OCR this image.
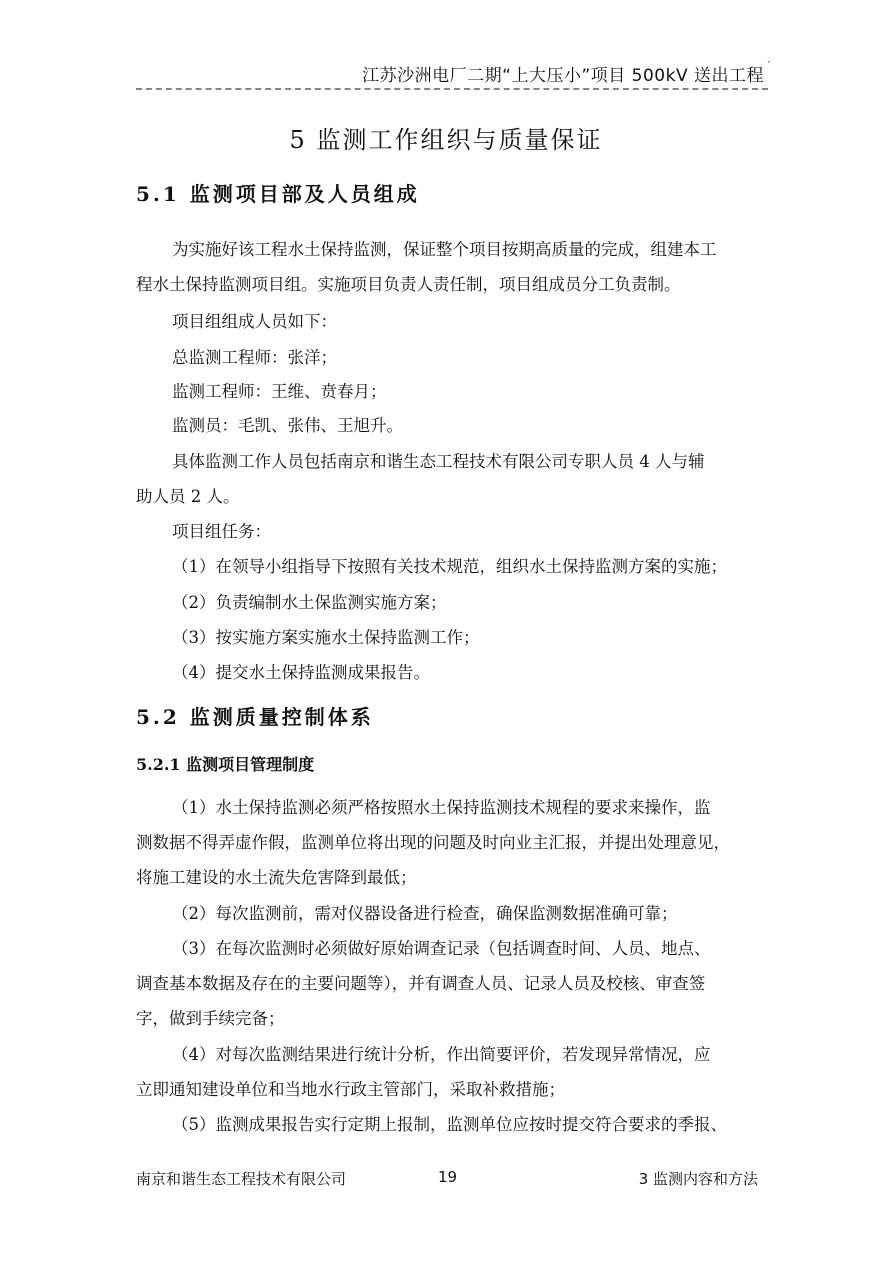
江苏沙洲电厂二期“上大压小”项目 500kV 送出工程 ˊ
5 监测工作组织与质量保证
5.1 监测项目部及人员组成
为实施好该工程水土保持监测，保证整个项目按期高质量的完成，组建本工
程水土保持监测项目组。实施项目负责人责任制，项目组成员分工负责制。
项目组组成人员如下：
总监测工程师：张洋；
监测工程师：王维、贲春月；
监测员：毛凯、张伟、王旭升。
具体监测工作人员包括南京和谐生态工程技术有限公司专职人员 4 人与辅
助人员 2 人。
项目组任务：
（1）在领导小组指导下按照有关技术规范，组织水土保持监测方案的实施；
（2）负责编制水土保监测实施方案；
（3）按实施方案实施水土保持监测工作；
（4）提交水土保持监测成果报告。
5.2 监测质量控制体系
5.2.1 监测项目管理制度
（1）水土保持监测必须严格按照水土保持监测技术规程的要求来操作，监
测数据不得弄虚作假，监测单位将出现的问题及时向业主汇报，并提出处理意见，
将施工建设的水土流失危害降到最低；
（2）每次监测前，需对仪器设备进行检查，确保监测数据准确可靠；
（3）在每次监测时必须做好原始调查记录（包括调查时间、人员、地点、
调查基本数据及存在的主要问题等），并有调查人员、记录人员及校核、审查签
字，做到手续完备；
（4）对每次监测结果进行统计分析，作出简要评价，若发现异常情况，应
立即通知建设单位和当地水行政主管部门，采取补救措施；
（5）监测成果报告实行定期上报制，监测单位应按时提交符合要求的季报、
南京和谐生态工程技术有限公司	19	3 监测内容和方法
